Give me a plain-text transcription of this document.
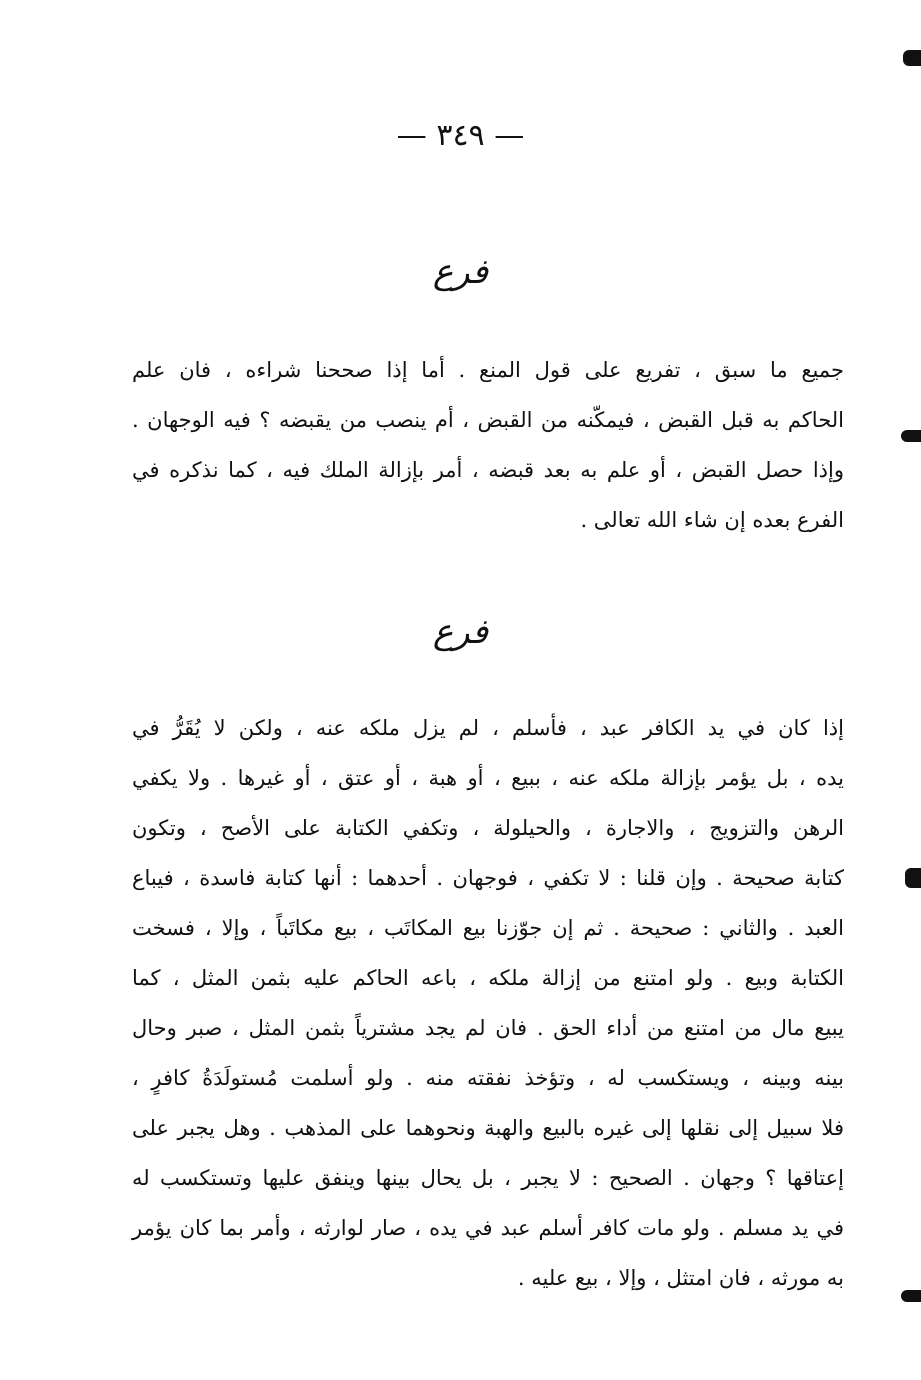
— ٣٤٩ —
فرع
جميع ما سبق ، تفريع على قول المنع . أما إذا صححنا شراءه ، فان علم
الحاكم به قبل القبض ، فيمكّنه من القبض ، أم ينصب من يقبضه ؟ فيه الوجهان .
وإذا حصل القبض ، أو علم به بعد قبضه ، أمر بإزالة الملك فيه ، كما نذكره في
الفرع بعده إن شاء الله تعالى .
فرع
إذا كان في يد الكافر عبد ، فأسلم ، لم يزل ملكه عنه ، ولكن لا يُقَرُّ في
يده ، بل يؤمر بإزالة ملكه عنه ، ببيع ، أو هبة ، أو عتق ، أو غيرها . ولا يكفي
الرهن والتزويج ، والاجارة ، والحيلولة ، وتكفي الكتابة على الأصح ، وتكون
كتابة صحيحة . وإن قلنا : لا تكفي ، فوجهان . أحدهما : أنها كتابة فاسدة ، فيباع
العبد . والثاني : صحيحة . ثم إن جوّزنا بيع المكاتَب ، بيع مكاتَباً ، وإلا ، فسخت
الكتابة وبيع . ولو امتنع من إزالة ملكه ، باعه الحاكم عليه بثمن المثل ، كما
يبيع مال من امتنع من أداء الحق . فان لم يجد مشترياً بثمن المثل ، صبر وحال
بينه وبينه ، ويستكسب له ، وتؤخذ نفقته منه . ولو أسلمت مُستولَدَةُ كافرٍ ،
فلا سبيل إلى نقلها إلى غيره بالبيع والهبة ونحوهما على المذهب . وهل يجبر على
إعتاقها ؟ وجهان . الصحيح : لا يجبر ، بل يحال بينها وينفق عليها وتستكسب له
في يد مسلم . ولو مات كافر أسلم عبد في يده ، صار لوارثه ، وأمر بما كان يؤمر
به مورثه ، فان امتثل ، وإلا ، بيع عليه .
